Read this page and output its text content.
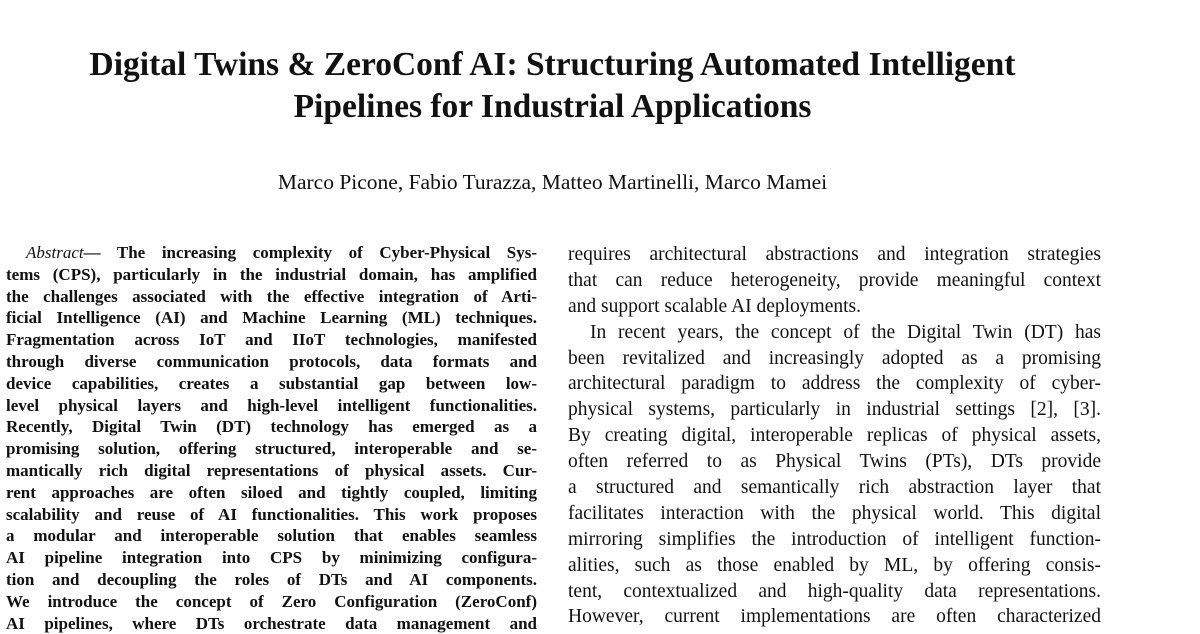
Digital Twins & ZeroConf AI: Structuring Automated Intelligent
Pipelines for Industrial Applications
Marco Picone, Fabio Turazza, Matteo Martinelli, Marco Mamei
Abstract— The increasing complexity of Cyber-Physical Sys-
tems (CPS), particularly in the industrial domain, has amplified
the challenges associated with the effective integration of Arti-
ficial Intelligence (AI) and Machine Learning (ML) techniques.
Fragmentation across IoT and IIoT technologies, manifested
through diverse communication protocols, data formats and
device capabilities, creates a substantial gap between low-
level physical layers and high-level intelligent functionalities.
Recently, Digital Twin (DT) technology has emerged as a
promising solution, offering structured, interoperable and se-
mantically rich digital representations of physical assets. Cur-
rent approaches are often siloed and tightly coupled, limiting
scalability and reuse of AI functionalities. This work proposes
a modular and interoperable solution that enables seamless
AI pipeline integration into CPS by minimizing configura-
tion and decoupling the roles of DTs and AI components.
We introduce the concept of Zero Configuration (ZeroConf)
AI pipelines, where DTs orchestrate data management and
requires architectural abstractions and integration strategies
that can reduce heterogeneity, provide meaningful context
and support scalable AI deployments.
In recent years, the concept of the Digital Twin (DT) has
been revitalized and increasingly adopted as a promising
architectural paradigm to address the complexity of cyber-
physical systems, particularly in industrial settings [2], [3].
By creating digital, interoperable replicas of physical assets,
often referred to as Physical Twins (PTs), DTs provide
a structured and semantically rich abstraction layer that
facilitates interaction with the physical world. This digital
mirroring simplifies the introduction of intelligent function-
alities, such as those enabled by ML, by offering consis-
tent, contextualized and high-quality data representations.
However, current implementations are often characterized
